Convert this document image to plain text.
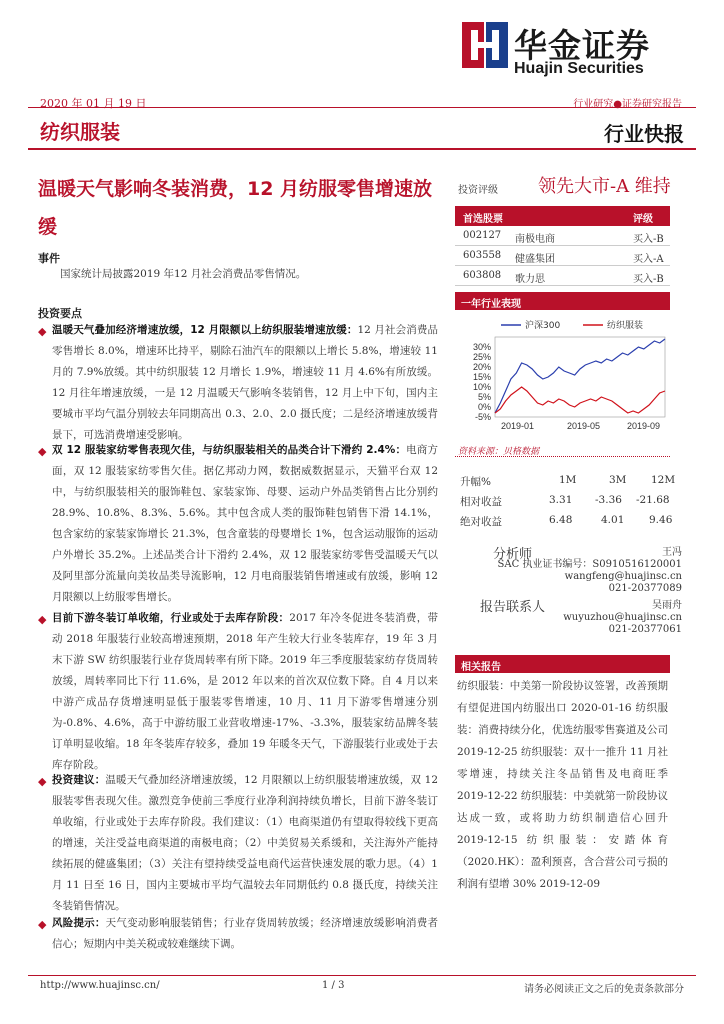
华金证券
Huajin Securities
2020 年 01 月 19 日	行业研究●证券研究报告
纺织服装	行业快报
温暖天气影响冬装消费，12 月纺服零售增速放缓
事件
国家统计局披露2019 年12 月社会消费品零售情况。
投资要点
◆ 温暖天气叠加经济增速放缓，12 月限额以上纺织服装增速放缓：12 月社会消费品零售增长 8.0%，增速环比持平，剔除石油汽车的限额以上增长 5.8%，增速较 11 月的 7.9%放缓。其中纺织服装 12 月增长 1.9%，增速较 11 月 4.6%有所放缓。12 月往年增速放缓，一是 12 月温暖天气影响冬装销售，12 月上中下旬，国内主要城市平均气温分别较去年同期高出 0.3、2.0、2.0 摄氏度；二是经济增速放缓背景下，可选消费增速受影响。
◆ 双 12 服装家纺零售表现欠佳，与纺织服装相关的品类合计下滑约 2.4%：电商方面，双 12 服装家纺零售欠佳。据亿邦动力网，数据威数据显示，天猫平台双 12 中，与纺织服装相关的服饰鞋包、家装家饰、母婴、运动户外品类销售占比分别约 28.9%、10.8%、8.3%、5.6%。其中包含成人类的服饰鞋包销售下滑 14.1%，包含家纺的家装家饰增长 21.3%，包含童装的母婴增长 1%，包含运动服饰的运动户外增长 35.2%。上述品类合计下滑约 2.4%，双 12 服装家纺零售受温暖天气以及阿里部分流量向美妆品类导流影响，12 月电商服装销售增速或有放缓，影响 12 月限额以上纺服零售增长。
◆ 目前下游冬装订单收缩，行业或处于去库存阶段：2017 年冷冬促进冬装消费，带动 2018 年服装行业较高增速预期，2018 年产生较大行业冬装库存，19 年 3 月末下游 SW 纺织服装行业存货周转率有所下降。2019 年三季度服装家纺存货周转放缓，周转率同比下行 11.6%，是 2012 年以来的首次双位数下降。自 4 月以来中游产成品存货增速明显低于服装零售增速，10 月、11 月下游零售增速分别为-0.8%、4.6%，高于中游纺服工业营收增速-17%、-3.3%，服装家纺品牌冬装订单明显收缩。18 年冬装库存较多，叠加 19 年暖冬天气，下游服装行业或处于去库存阶段。
◆ 投资建议：温暖天气叠加经济增速放缓，12 月限额以上纺织服装增速放缓，双 12 服装零售表现欠佳。激烈竞争使前三季度行业净利润持续负增长，目前下游冬装订单收缩，行业或处于去库存阶段。我们建议：（1）电商渠道仍有望取得较线下更高的增速，关注受益电商渠道的南极电商；（2）中美贸易关系缓和，关注海外产能持续拓展的健盛集团；（3）关注有望持续受益电商代运营快速发展的歌力思。（4）1 月 11 日至 16 日，国内主要城市平均气温较去年同期低约 0.8 摄氏度，持续关注冬装销售情况。
◆ 风险提示：天气变动影响服装销售；行业存货周转放缓；经济增速放缓影响消费者信心；短期内中美关税或较难继续下调。
投资评级 领先大市-A 维持
首选股票	评级
002127 南极电商	买入-B
603558 健盛集团	买入-A
603808 歌力思	买入-B
一年行业表现
30%
25%
20%
15%
10%
5%
0%
-5%
2019-01	2019-05	2019-09
沪深300	纺织服装
资料来源：贝格数据
升幅%	1M	3M 12M
相对收益	3.31 -3.36 -21.68
绝对收益	6.48	4.01 9.46
分析师	王冯
SAC 执业证书编号：S0910516120001
wangfeng@huajinsc.cn
021-20377089
报告联系人	吴雨舟
wuyuzhou@huajinsc.cn
021-20377061
相关报告
纺织服装：中美第一阶段协议签署，改善预期有望促进国内纺服出口 2020-01-16 纺织服装：消费持续分化，优选纺服零售赛道及公司 2019-12-25 纺织服装：双十一推升 11 月社零增速，持续关注冬品销售及电商旺季 2019-12-22 纺织服装：中美就第一阶段协议达成一致，或将助力纺织制造信心回升 2019-12-15 纺织服装：安踏体育（2020.HK）：盈利预喜，含合营公司亏损的利润有望增 30% 2019-12-09
http://www.huajinsc.cn/	1 / 3	请务必阅读正文之后的免责条款部分
